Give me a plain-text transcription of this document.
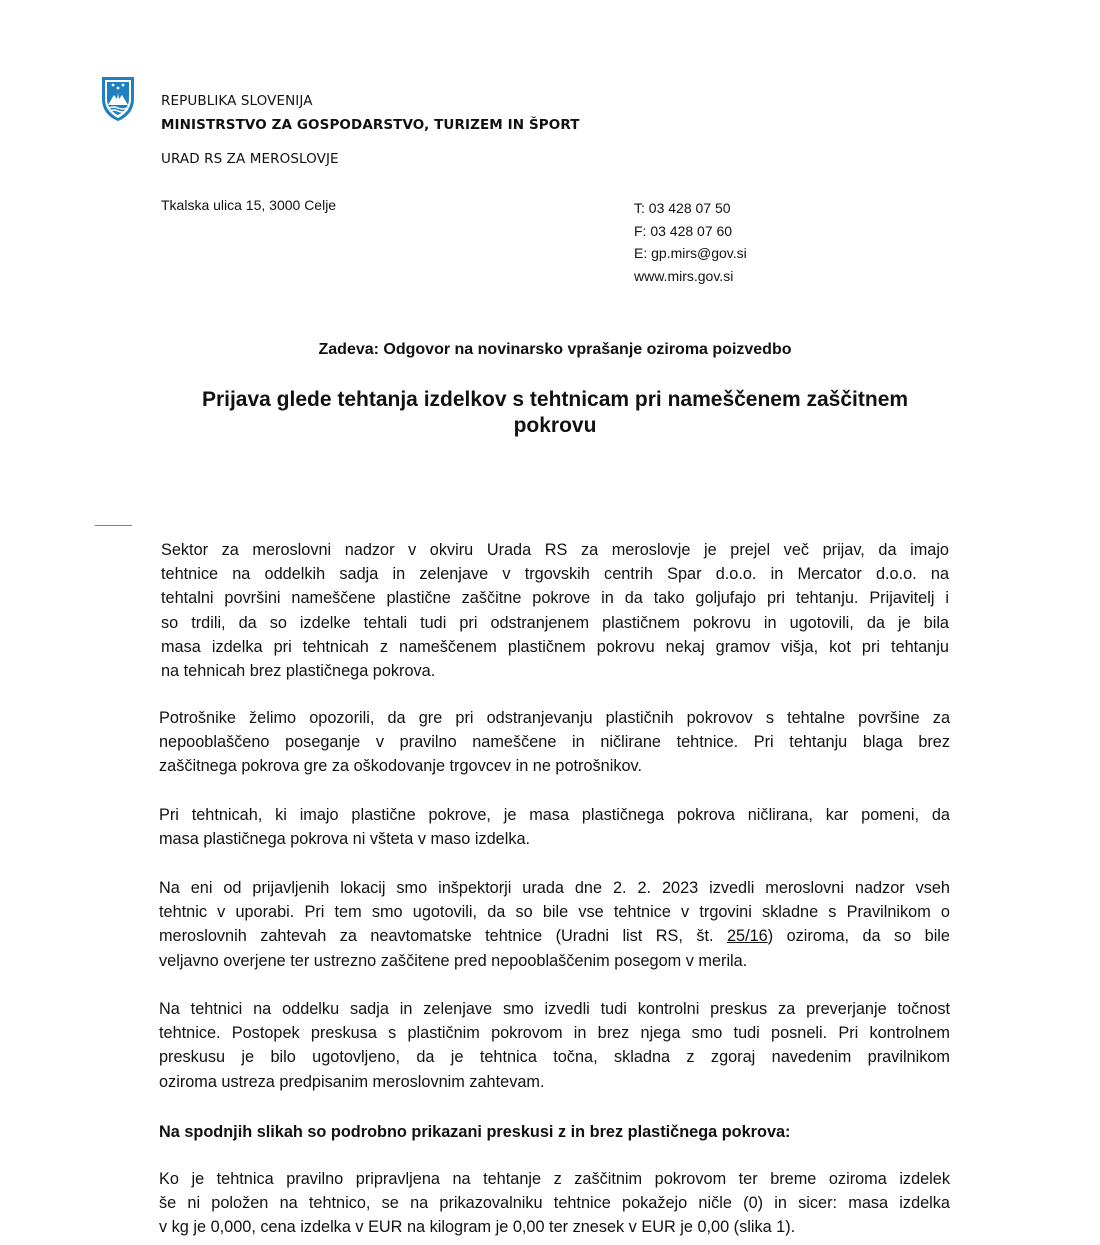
REPUBLIKA SLOVENIJA
MINISTRSTVO ZA GOSPODARSTVO, TURIZEM IN ŠPORT
URAD RS ZA MEROSLOVJE
Tkalska ulica 15, 3000 Celje	T: 03 428 07 50
F: 03 428 07 60
E: gp.mirs@gov.si
www.mirs.gov.si
Zadeva: Odgovor na novinarsko vprašanje oziroma poizvedbo
Prijava glede tehtanja izdelkov s tehtnicam pri nameščenem zaščitnem
pokrovu
Sektor za meroslovni nadzor v okviru Urada RS za meroslovje je prejel več prijav, da imajo
tehtnice na oddelkih sadja in zelenjave v trgovskih centrih Spar d.o.o. in Mercator d.o.o. na
tehtalni površini nameščene plastične zaščitne pokrove in da tako goljufajo pri tehtanju. Prijavitelj i
so trdili, da so izdelke tehtali tudi pri odstranjenem plastičnem pokrovu in ugotovili, da je bila
masa izdelka pri tehtnicah z nameščenem plastičnem pokrovu nekaj gramov višja, kot pri tehtanju
na tehnicah brez plastičnega pokrova.
Potrošnike želimo opozorili, da gre pri odstranjevanju plastičnih pokrovov s tehtalne površine za
nepooblaščeno poseganje v pravilno nameščene in ničlirane tehtnice. Pri tehtanju blaga brez
zaščitnega pokrova gre za oškodovanje trgovcev in ne potrošnikov.
Pri tehtnicah, ki imajo plastične pokrove, je masa plastičnega pokrova ničlirana, kar pomeni, da
masa plastičnega pokrova ni všteta v maso izdelka.
Na eni od prijavljenih lokacij smo inšpektorji urada dne 2. 2. 2023 izvedli meroslovni nadzor vseh
tehtnic v uporabi. Pri tem smo ugotovili, da so bile vse tehtnice v trgovini skladne s Pravilnikom o
meroslovnih zahtevah za neavtomatske tehtnice (Uradni list RS, št. 25/16) oziroma, da so bile
veljavno overjene ter ustrezno zaščitene pred nepooblaščenim posegom v merila.
Na tehtnici na oddelku sadja in zelenjave smo izvedli tudi kontrolni preskus za preverjanje točnost
tehtnice. Postopek preskusa s plastičnim pokrovom in brez njega smo tudi posneli. Pri kontrolnem
preskusu je bilo ugotovljeno, da je tehtnica točna, skladna z zgoraj navedenim pravilnikom
oziroma ustreza predpisanim meroslovnim zahtevam.
Na spodnjih slikah so podrobno prikazani preskusi z in brez plastičnega pokrova:
Ko je tehtnica pravilno pripravljena na tehtanje z zaščitnim pokrovom ter breme oziroma izdelek
še ni položen na tehtnico, se na prikazovalniku tehtnice pokažejo ničle (0) in sicer: masa izdelka
v kg je 0,000, cena izdelka v EUR na kilogram je 0,00 ter znesek v EUR je 0,00 (slika 1).
